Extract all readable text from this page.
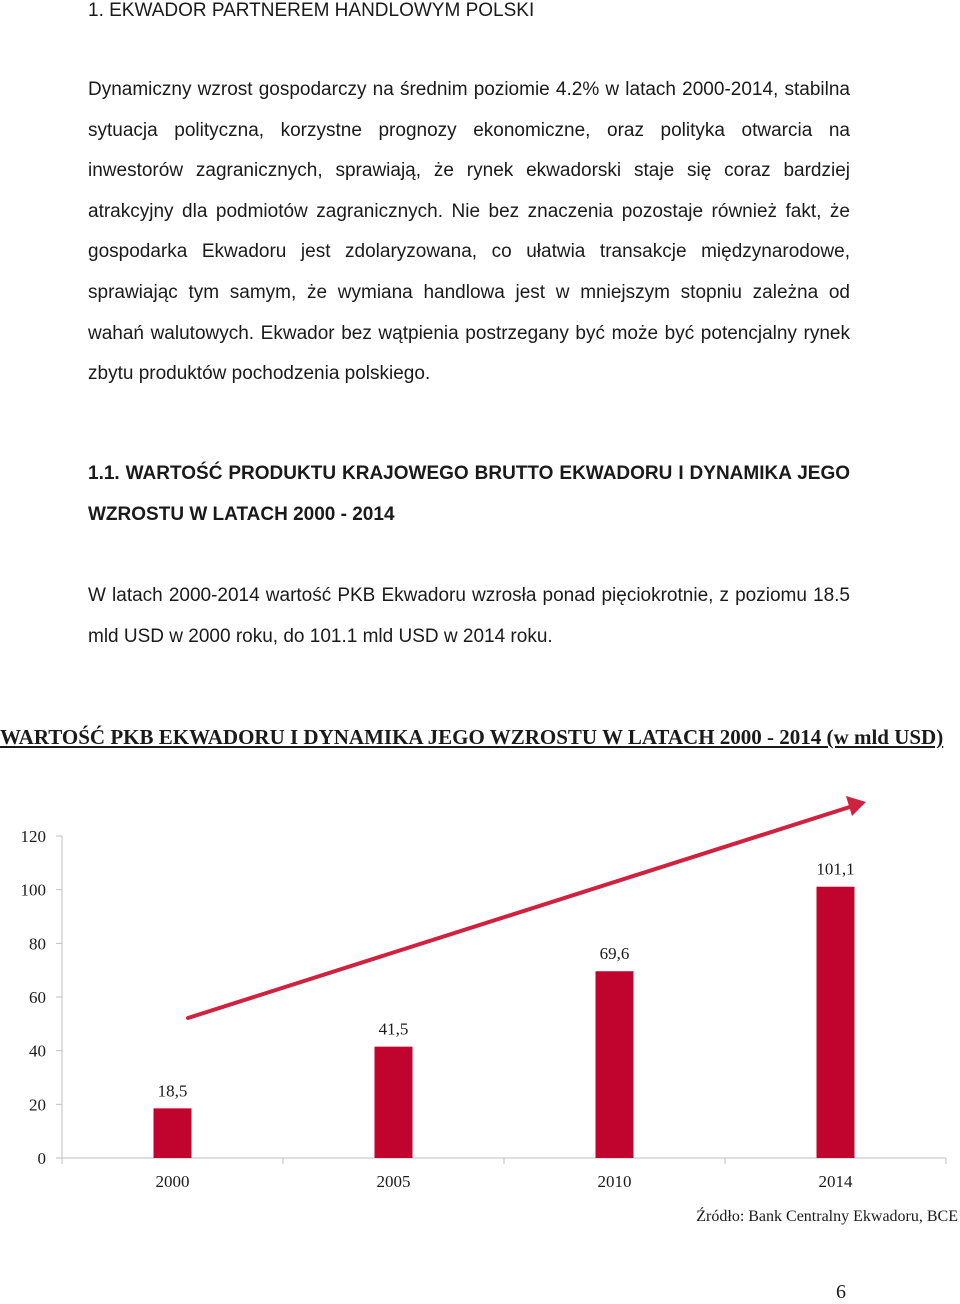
1. EKWADOR PARTNEREM HANDLOWYM POLSKI

Dynamiczny wzrost gospodarczy na średnim poziomie 4.2% w latach 2000-2014, stabilna sytuacja polityczna, korzystne prognozy ekonomiczne, oraz polityka otwarcia na inwestorów zagranicznych, sprawiają, że rynek ekwadorski staje się coraz bardziej atrakcyjny dla podmiotów zagranicznych. Nie bez znaczenia pozostaje również fakt, że gospodarka Ekwadoru jest zdolaryzowana, co ułatwia transakcje międzynarodowe, sprawiając tym samym, że wymiana handlowa jest w mniejszym stopniu zależna od wahań walutowych. Ekwador bez wątpienia postrzegany być może być potencjalny rynek zbytu produktów pochodzenia polskiego.

1.1. WARTOŚĆ PRODUKTU KRAJOWEGO BRUTTO EKWADORU I DYNAMIKA JEGO WZROSTU W LATACH 2000 - 2014

W latach 2000-2014 wartość PKB Ekwadoru wzrosła ponad pięciokrotnie, z poziomu 18.5 mld USD w 2000 roku, do 101.1 mld USD w 2014 roku.

WARTOŚĆ PKB EKWADORU I DYNAMIKA JEGO WZROSTU W LATACH 2000 - 2014 (w mld USD)
0
20
40
60
80
100
120
18,5
2000
41,5
2005
69,6
2010
101,1
2014

Źródło: Bank Centralny Ekwadoru, BCE

6
